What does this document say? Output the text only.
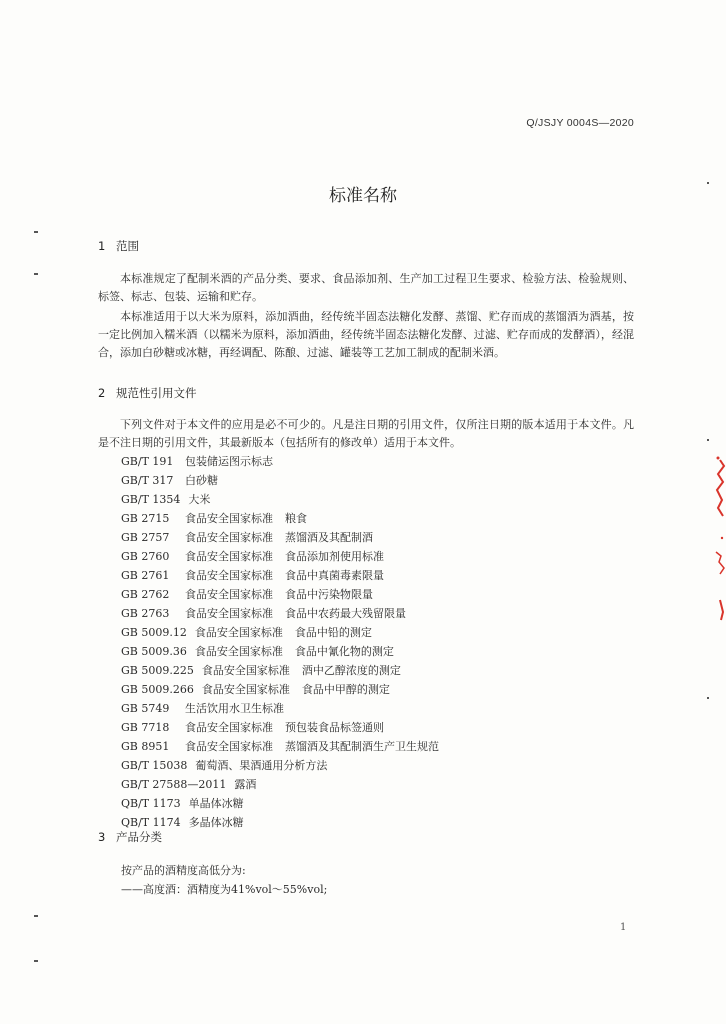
Q/JSJY 0004S—2020
标准名称
1 范围
本标准规定了配制米酒的产品分类、要求、食品添加剂、生产加工过程卫生要求、检验方法、检验规则、标签、标志、包装、运输和贮存。
本标准适用于以大米为原料，添加酒曲，经传统半固态法糖化发酵、蒸馏、贮存而成的蒸馏酒为酒基，按一定比例加入糯米酒（以糯米为原料，添加酒曲，经传统半固态法糖化发酵、过滤、贮存而成的发酵酒），经混合，添加白砂糖或冰糖，再经调配、陈酿、过滤、罐装等工艺加工制成的配制米酒。
2 规范性引用文件
下列文件对于本文件的应用是必不可少的。凡是注日期的引用文件，仅所注日期的版本适用于本文件。凡是不注日期的引用文件，其最新版本（包括所有的修改单）适用于本文件。
GB/T 191 包装储运图示标志
GB/T 317 白砂糖
GB/T 1354 大米
GB 2715 食品安全国家标准 粮食
GB 2757 食品安全国家标准 蒸馏酒及其配制酒
GB 2760 食品安全国家标准 食品添加剂使用标准
GB 2761 食品安全国家标准 食品中真菌毒素限量
GB 2762 食品安全国家标准 食品中污染物限量
GB 2763 食品安全国家标准 食品中农药最大残留限量
GB 5009.12 食品安全国家标准 食品中铅的测定
GB 5009.36 食品安全国家标准 食品中氰化物的测定
GB 5009.225 食品安全国家标准 酒中乙醇浓度的测定
GB 5009.266 食品安全国家标准 食品中甲醇的测定
GB 5749 生活饮用水卫生标准
GB 7718 食品安全国家标准 预包装食品标签通则
GB 8951 食品安全国家标准 蒸馏酒及其配制酒生产卫生规范
GB/T 15038 葡萄酒、果酒通用分析方法
GB/T 27588—2011 露酒
QB/T 1173 单晶体冰糖
QB/T 1174 多晶体冰糖
3 产品分类
按产品的酒精度高低分为:
——高度酒：酒精度为41%vol～55%vol;
1
